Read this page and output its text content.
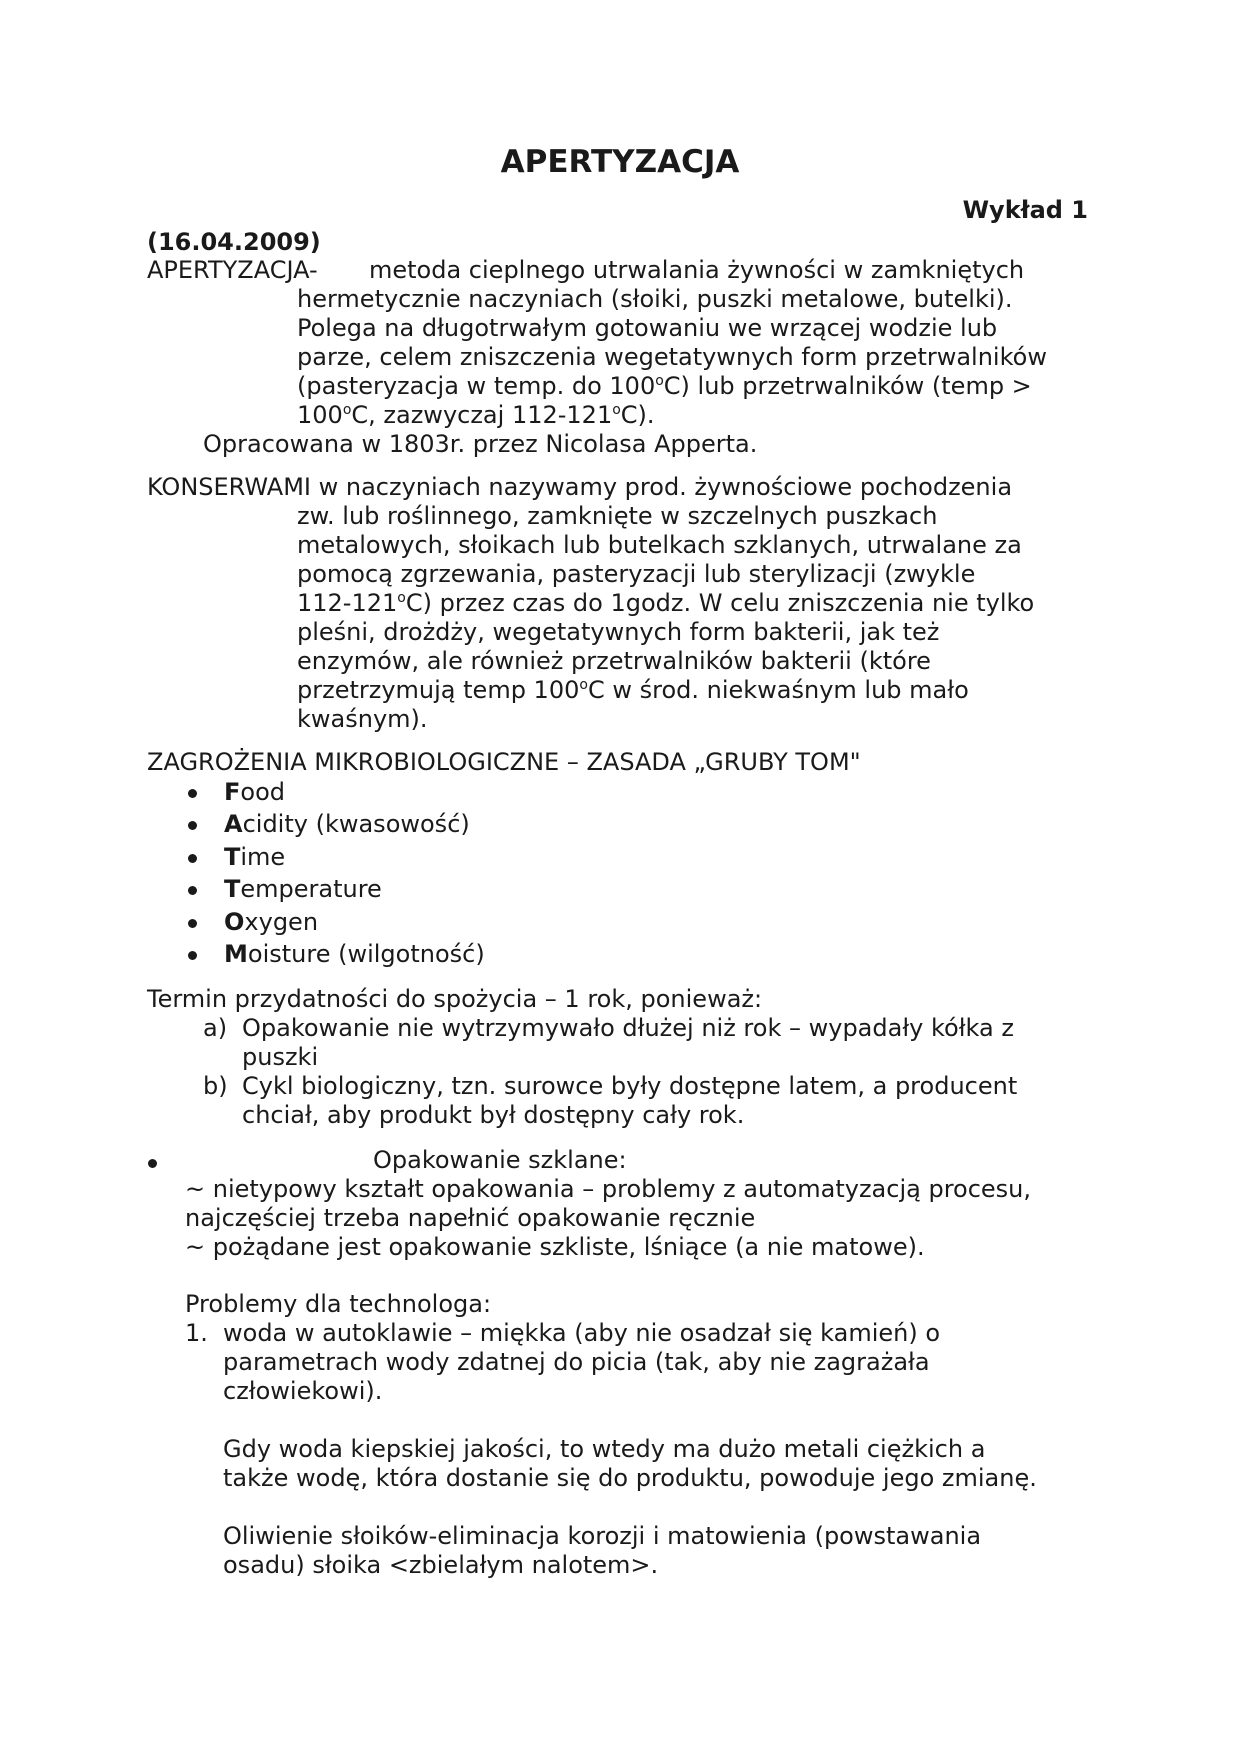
APERTYZACJA
Wykład 1
(16.04.2009)
APERTYZACJA- metoda cieplnego utrwalania żywności w zamkniętych
hermetycznie naczyniach (słoiki, puszki metalowe, butelki).
Polega na długotrwałym gotowaniu we wrzącej wodzie lub
parze, celem zniszczenia wegetatywnych form przetrwalników
(pasteryzacja w temp. do 100$^o$C) lub przetrwalników (temp >
$100^oC$, zazwyczaj 112-121$^o$C).
Opracowana w 1803r. przez Nicolasa Apperta.
KONSERWAMI w naczyniach nazywamy prod. żywnościowe pochodzenia
zw. lub roślinnego, zamknięte w szczelnych puszkach
metalowych, słoikach lub butelkach szklanych, utrwalane za
pomocą zgrzewania, pasteryzacji lub sterylizacji (zwykle
112-121$^o$C) przez czas do 1godz. W celu zniszczenia nie tylko
pleśni, drożdży, wegetatywnych form bakterii, jak też
enzymów, ale również przetrwalników bakterii (które
przetrzymują temp 100$^o$C w środ. niekwaśnym lub mało
kwaśnym).
ZAGROŻENIA MIKROBIOLOGICZNE – ZASADA „GRUBY TOM"
Food
Acidity (kwasowość)
Time
Temperature
Oxygen
Moisture (wilgotność)
Termin przydatności do spożycia – 1 rok, ponieważ:
a) Opakowanie nie wytrzymywało dłużej niż rok – wypadały kółka z
puszki
b) Cykl biologiczny, tzn. surowce były dostępne latem, a producent
chciał, aby produkt był dostępny cały rok.
Opakowanie szklane:
~ nietypowy kształt opakowania – problemy z automatyzacją procesu,
najczęściej trzeba napełnić opakowanie ręcznie
~ pożądane jest opakowanie szkliste, lśniące (a nie matowe).
Problemy dla technologa:
1. woda w autoklawie – miękka (aby nie osadzał się kamień) o
parametrach wody zdatnej do picia (tak, aby nie zagrażała
człowiekowi).
Gdy woda kiepskiej jakości, to wtedy ma dużo metali ciężkich a
także wodę, która dostanie się do produktu, powoduje jego zmianę.
Oliwienie słoików-eliminacja korozji i matowienia (powstawania
osadu) słoika <zbielałym nalotem>.
